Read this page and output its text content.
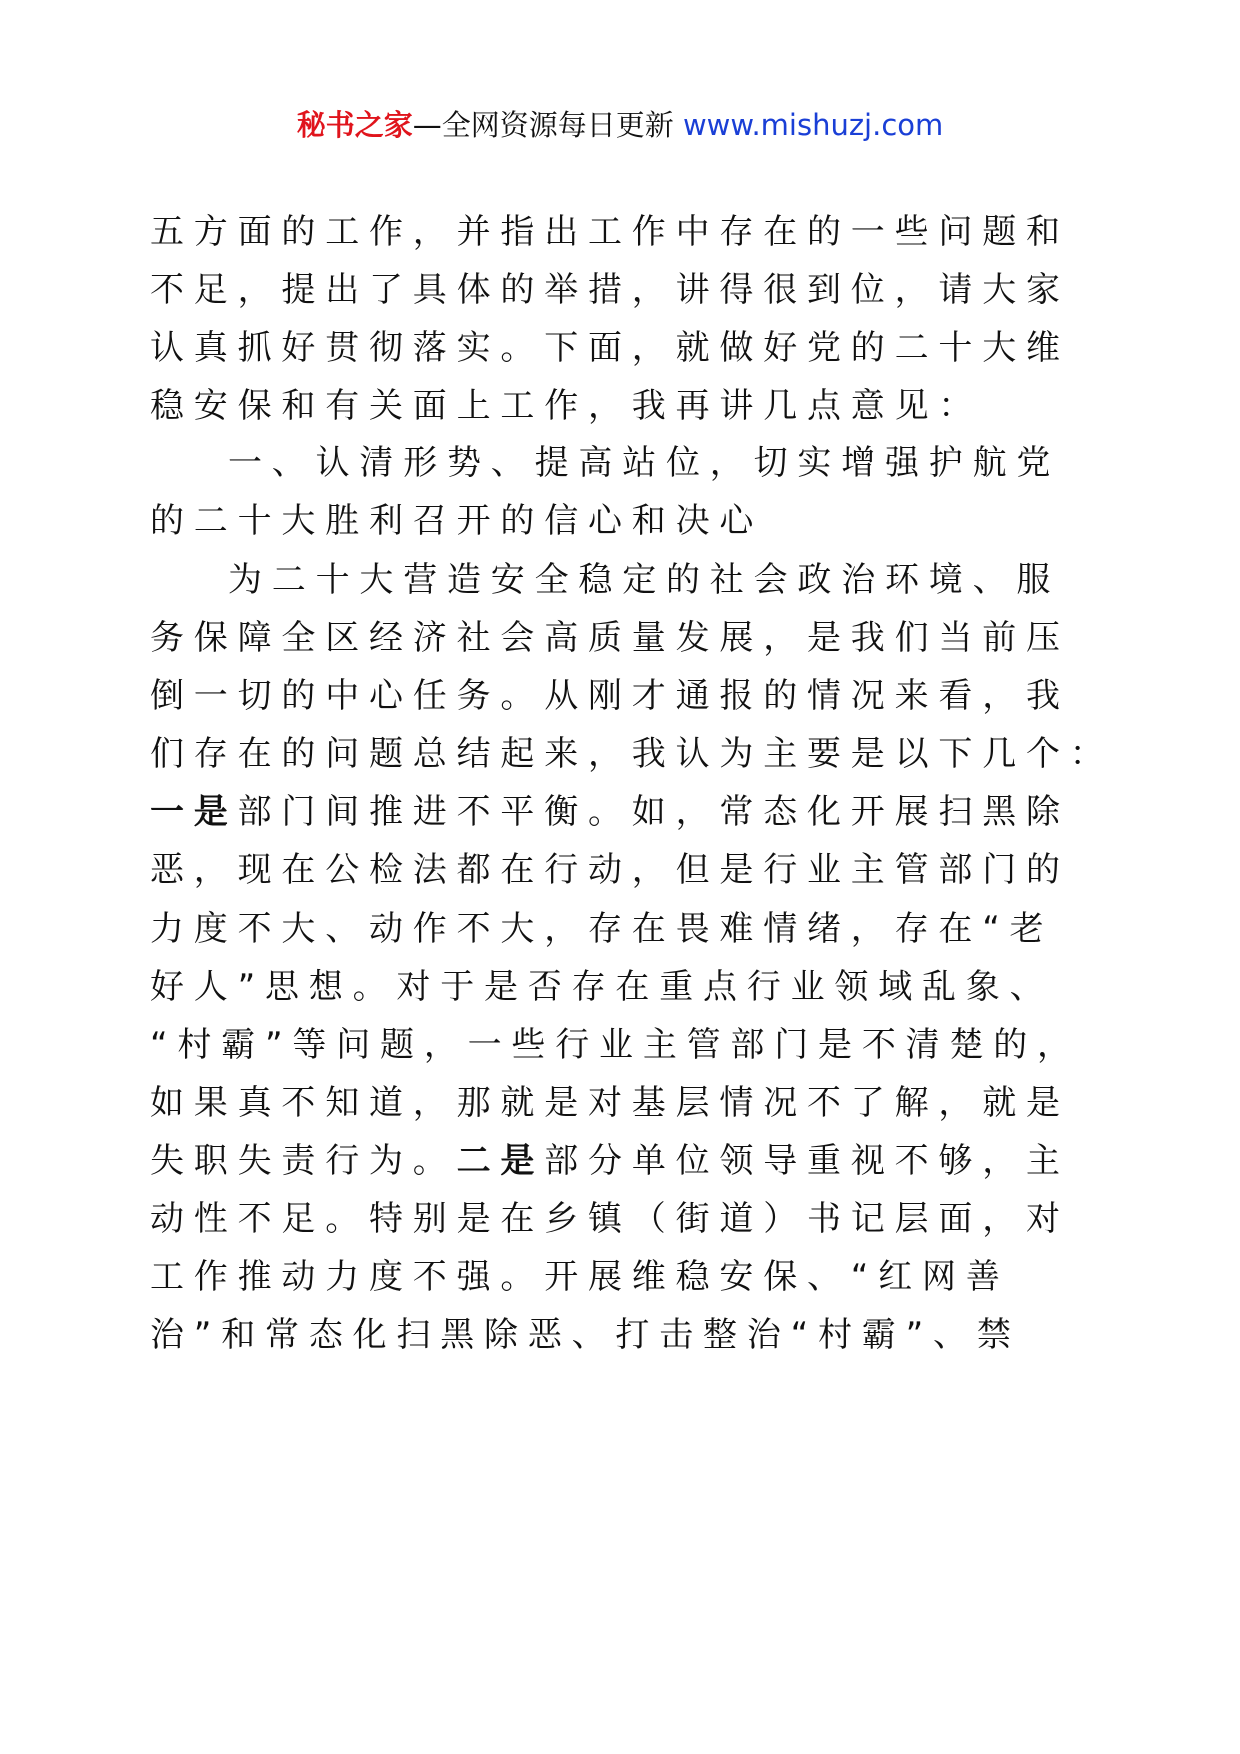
秘书之家—全网资源每日更新 www.mishuzj.com
五方面的工作，并指出工作中存在的一些问题和
不足，提出了具体的举措，讲得很到位，请大家
认真抓好贯彻落实。下面，就做好党的二十大维
稳安保和有关面上工作，我再讲几点意见：
一、认清形势、提高站位，切实增强护航党
的二十大胜利召开的信心和决心
为二十大营造安全稳定的社会政治环境、服
务保障全区经济社会高质量发展，是我们当前压
倒一切的中心任务。从刚才通报的情况来看，我
们存在的问题总结起来，我认为主要是以下几个：
一是部门间推进不平衡。如，常态化开展扫黑除
恶，现在公检法都在行动，但是行业主管部门的
力度不大、动作不大，存在畏难情绪，存在“老
好人”思想。对于是否存在重点行业领域乱象、
“村霸”等问题，一些行业主管部门是不清楚的，
如果真不知道，那就是对基层情况不了解，就是
失职失责行为。二是部分单位领导重视不够，主
动性不足。特别是在乡镇（街道）书记层面，对
工作推动力度不强。开展维稳安保、“红网善
治”和常态化扫黑除恶、打击整治“村霸”、禁
